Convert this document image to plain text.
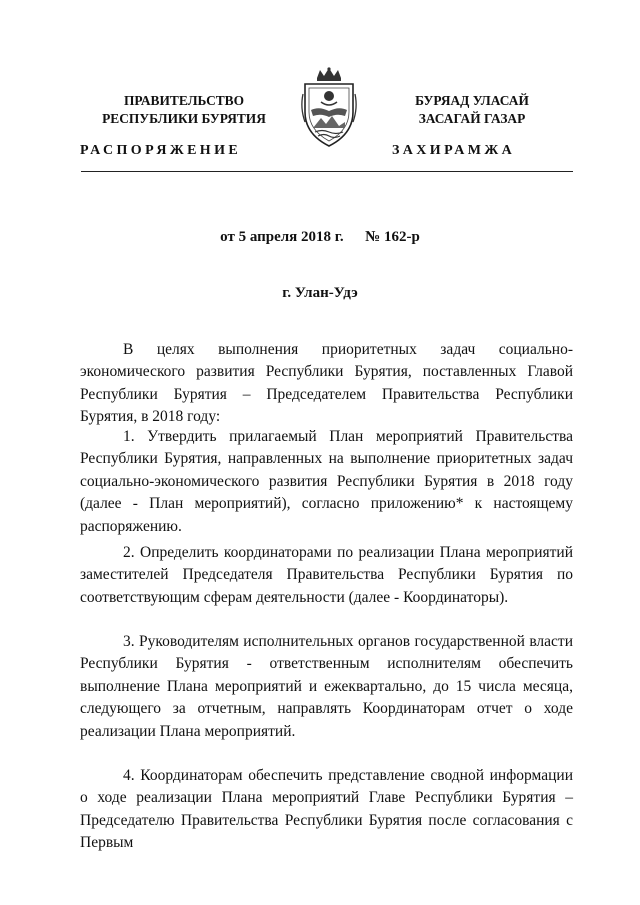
ПРАВИТЕЛЬСТВО
РЕСПУБЛИКИ БУРЯТИЯ
БУРЯАД УЛАСАЙ
ЗАСАГАЙ ГАЗАР
РАСПОРЯЖЕНИЕ	ЗАХИРАМЖА
от 5 апреля 2018 г. № 162-р
г. Улан-Удэ

В целях выполнения приоритетных задач социально-экономического развития Республики Бурятия, поставленных Главой Республики Бурятия – Председателем Правительства Республики Бурятия, в 2018 году:

1. Утвердить прилагаемый План мероприятий Правительства Республики Бурятия, направленных на выполнение приоритетных задач социально-экономического развития Республики Бурятия в 2018 году (далее - План мероприятий), согласно приложению* к настоящему распоряжению.

2. Определить координаторами по реализации Плана мероприятий заместителей Председателя Правительства Республики Бурятия по соответствующим сферам деятельности (далее - Координаторы).

3. Руководителям исполнительных органов государственной власти Республики Бурятия - ответственным исполнителям обеспечить выполнение Плана мероприятий и ежеквартально, до 15 числа месяца, следующего за отчетным, направлять Координаторам отчет о ходе реализации Плана мероприятий.

4. Координаторам обеспечить представление сводной информации о ходе реализации Плана мероприятий Главе Республики Бурятия – Председателю Правительства Республики Бурятия после согласования с Первым
